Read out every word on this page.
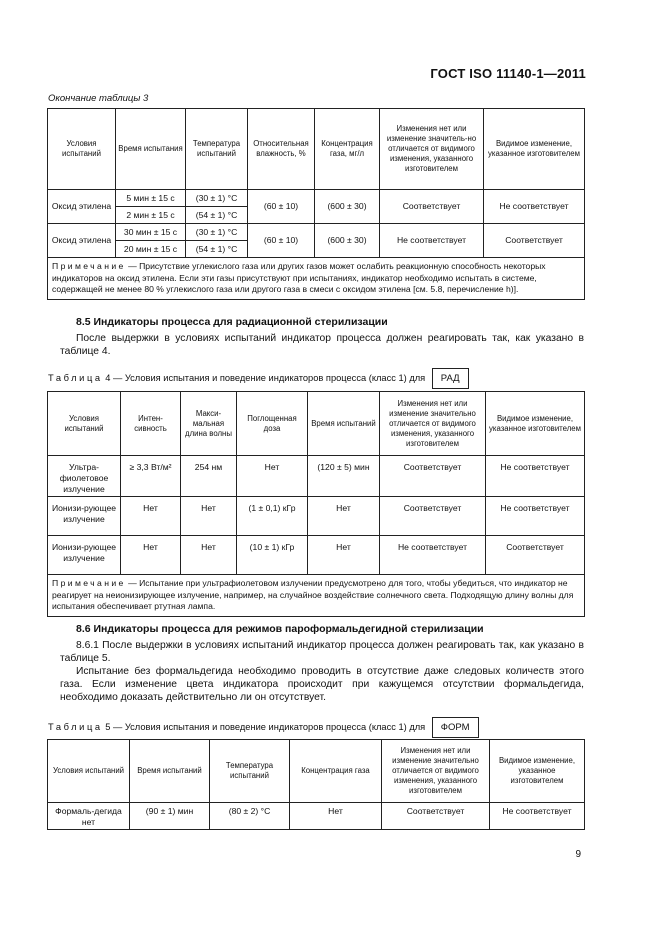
ГОСТ ISO 11140-1—2011
Окончание таблицы 3
Условия испытаний	Время испытания	Температура испытаний	Относительная влажность, %	Концентрация газа, мг/л	Изменения нет или изменение значитель-но отличается от видимого изменения, указанного изготовителем	Видимое изменение, указанное изготовителем
Оксид этилена	5 мин ± 15 с	(30 ± 1) °С	(60 ± 10)	(600 ± 30)	Соответствует	Не соответствует
	2 мин ± 15 с	(54 ± 1) °С				
Оксид этилена	30 мин ± 15 с	(30 ± 1) °С	(60 ± 10)	(600 ± 30)	Не соответствует	Соответствует
	20 мин ± 15 с	(54 ± 1) °С				
Примечание — Присутствие углекислого газа или других газов может ослабить реакционную способность некоторых индикаторов на оксид этилена. Если эти газы присутствуют при испытаниях, индикатор необходимо испытать в системе, содержащей не менее 80 % углекислого газа или другого газа в смеси с оксидом этилена [см. 5.8, перечисление h)].						
8.5 Индикаторы процесса для радиационной стерилизации
После выдержки в условиях испытаний индикатор процесса должен реагировать так, как указано в таблице 4.
Таблица 4 — Условия испытания и поведение индикаторов процесса (класс 1) для РАД
Условия испытаний	Интен-сивность	Макси-мальная длина волны	Поглощенная доза	Время испытаний	Изменения нет или изменение значительно отличается от видимого изменения, указанного изготовителем	Видимое изменение, указанное изготовителем
Ультра-фиолетовое излучение	≥ 3,3 Вт/м²	254 нм	Нет	(120 ± 5) мин	Соответствует	Не соответствует
Ионизи-рующее излучение	Нет	Нет	(1 ± 0,1) кГр	Нет	Соответствует	Не соответствует
Ионизи-рующее излучение	Нет	Нет	(10 ± 1) кГр	Нет	Не соответствует	Соответствует
Примечание — Испытание при ультрафиолетовом излучении предусмотрено для того, чтобы убедиться, что индикатор не реагирует на неионизирующее излучение, например, на случайное воздействие солнечного света. Подходящую длину волны для испытания обеспечивает ртутная лампа.						
8.6 Индикаторы процесса для режимов пароформальдегидной стерилизации
8.6.1 После выдержки в условиях испытаний индикатор процесса должен реагировать так, как указано в таблице 5.
Испытание без формальдегида необходимо проводить в отсутствие даже следовых количеств этого газа. Если изменение цвета индикатора происходит при кажущемся отсутствии формальдегида, необходимо доказать действительно ли он отсутствует.
Таблица 5 — Условия испытания и поведение индикаторов процесса (класс 1) для ФОРМ
Условия испытаний	Время испытаний	Температура испытаний	Концентрация газа	Изменения нет или изменение значительно отличается от видимого изменения, указанного изготовителем	Видимое изменение, указанное изготовителем
Формаль-дегида нет	(90 ± 1) мин	(80 ± 2) °С	Нет	Соответствует	Не соответствует
9
